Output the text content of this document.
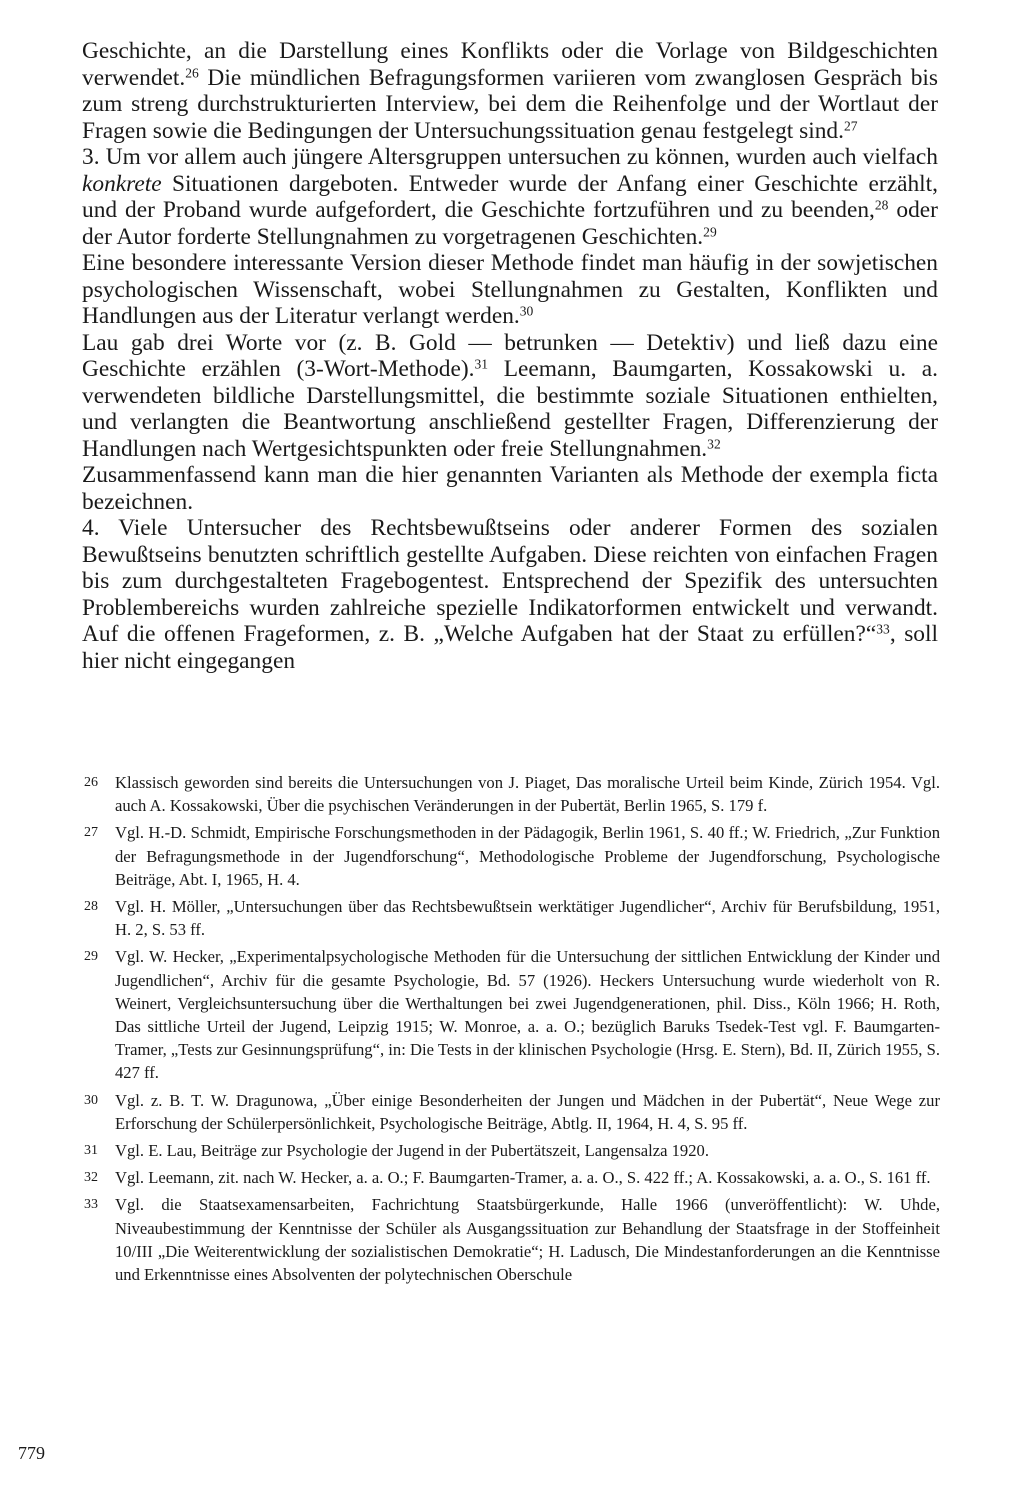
Geschichte, an die Darstellung eines Konflikts oder die Vorlage von Bildgeschichten verwendet.$^{26}$ Die mündlichen Befragungsformen variieren vom zwanglosen Gespräch bis zum streng durchstrukturierten Interview, bei dem die Reihenfolge und der Wortlaut der Fragen sowie die Bedingungen der Untersuchungssituation genau festgelegt sind.$^{27}$

3. Um vor allem auch jüngere Altersgruppen untersuchen zu können, wurden auch vielfach konkrete Situationen dargeboten. Entweder wurde der Anfang einer Geschichte erzählt, und der Proband wurde aufgefordert, die Geschichte fortzuführen und zu beenden,$^{28}$ oder der Autor forderte Stellungnahmen zu vorgetragenen Geschichten.$^{29}$

Eine besondere interessante Version dieser Methode findet man häufig in der sowjetischen psychologischen Wissenschaft, wobei Stellungnahmen zu Gestalten, Konflikten und Handlungen aus der Literatur verlangt werden.$^{30}$

Lau gab drei Worte vor (z. B. Gold — betrunken — Detektiv) und ließ dazu eine Geschichte erzählen (3-Wort-Methode).$^{31}$ Leemann, Baumgarten, Kossakowski u. a. verwendeten bildliche Darstellungsmittel, die bestimmte soziale Situationen enthielten, und verlangten die Beantwortung anschließend gestellter Fragen, Differenzierung der Handlungen nach Wertgesichtspunkten oder freie Stellungnahmen.$^{32}$

Zusammenfassend kann man die hier genannten Varianten als Methode der exempla ficta bezeichnen.

4. Viele Untersucher des Rechtsbewußtseins oder anderer Formen des sozialen Bewußtseins benutzten schriftlich gestellte Aufgaben. Diese reichten von einfachen Fragen bis zum durchgestalteten Fragebogentest. Entsprechend der Spezifik des untersuchten Problembereichs wurden zahlreiche spezielle Indikatorformen entwickelt und verwandt. Auf die offenen Frageformen, z. B. „Welche Aufgaben hat der Staat zu erfüllen?“$^{33}$, soll hier nicht eingegangen

26 Klassisch geworden sind bereits die Untersuchungen von J. Piaget, Das moralische Urteil beim Kinde, Zürich 1954. Vgl. auch A. Kossakowski, Über die psychischen Veränderungen in der Pubertät, Berlin 1965, S. 179 f.
27 Vgl. H.-D. Schmidt, Empirische Forschungsmethoden in der Pädagogik, Berlin 1961, S. 40 ff.; W. Friedrich, „Zur Funktion der Befragungsmethode in der Jugendforschung“, Methodologische Probleme der Jugendforschung, Psychologische Beiträge, Abt. I, 1965, H. 4.
28 Vgl. H. Möller, „Untersuchungen über das Rechtsbewußtsein werktätiger Jugendlicher“, Archiv für Berufsbildung, 1951, H. 2, S. 53 ff.
29 Vgl. W. Hecker, „Experimentalpsychologische Methoden für die Untersuchung der sittlichen Entwicklung der Kinder und Jugendlichen“, Archiv für die gesamte Psychologie, Bd. 57 (1926). Heckers Untersuchung wurde wiederholt von R. Weinert, Vergleichsuntersuchung über die Werthaltungen bei zwei Jugendgenerationen, phil. Diss., Köln 1966; H. Roth, Das sittliche Urteil der Jugend, Leipzig 1915; W. Monroe, a. a. O.; bezüglich Baruks Tsedek-Test vgl. F. Baumgarten-Tramer, „Tests zur Gesinnungsprüfung“, in: Die Tests in der klinischen Psychologie (Hrsg. E. Stern), Bd. II, Zürich 1955, S. 427 ff.
30 Vgl. z. B. T. W. Dragunowa, „Über einige Besonderheiten der Jungen und Mädchen in der Pubertät“, Neue Wege zur Erforschung der Schülerpersönlichkeit, Psychologische Beiträge, Abtlg. II, 1964, H. 4, S. 95 ff.
31 Vgl. E. Lau, Beiträge zur Psychologie der Jugend in der Pubertätszeit, Langensalza 1920.
32 Vgl. Leemann, zit. nach W. Hecker, a. a. O.; F. Baumgarten-Tramer, a. a. O., S. 422 ff.; A. Kossakowski, a. a. O., S. 161 ff.
33 Vgl. die Staatsexamensarbeiten, Fachrichtung Staatsbürgerkunde, Halle 1966 (unveröffentlicht): W. Uhde, Niveaubestimmung der Kenntnisse der Schüler als Ausgangssituation zur Behandlung der Staatsfrage in der Stoffeinheit 10/III „Die Weiterentwicklung der sozialistischen Demokratie“; H. Ladusch, Die Mindestanforderungen an die Kenntnisse und Erkenntnisse eines Absolventen der polytechnischen Oberschule
779
